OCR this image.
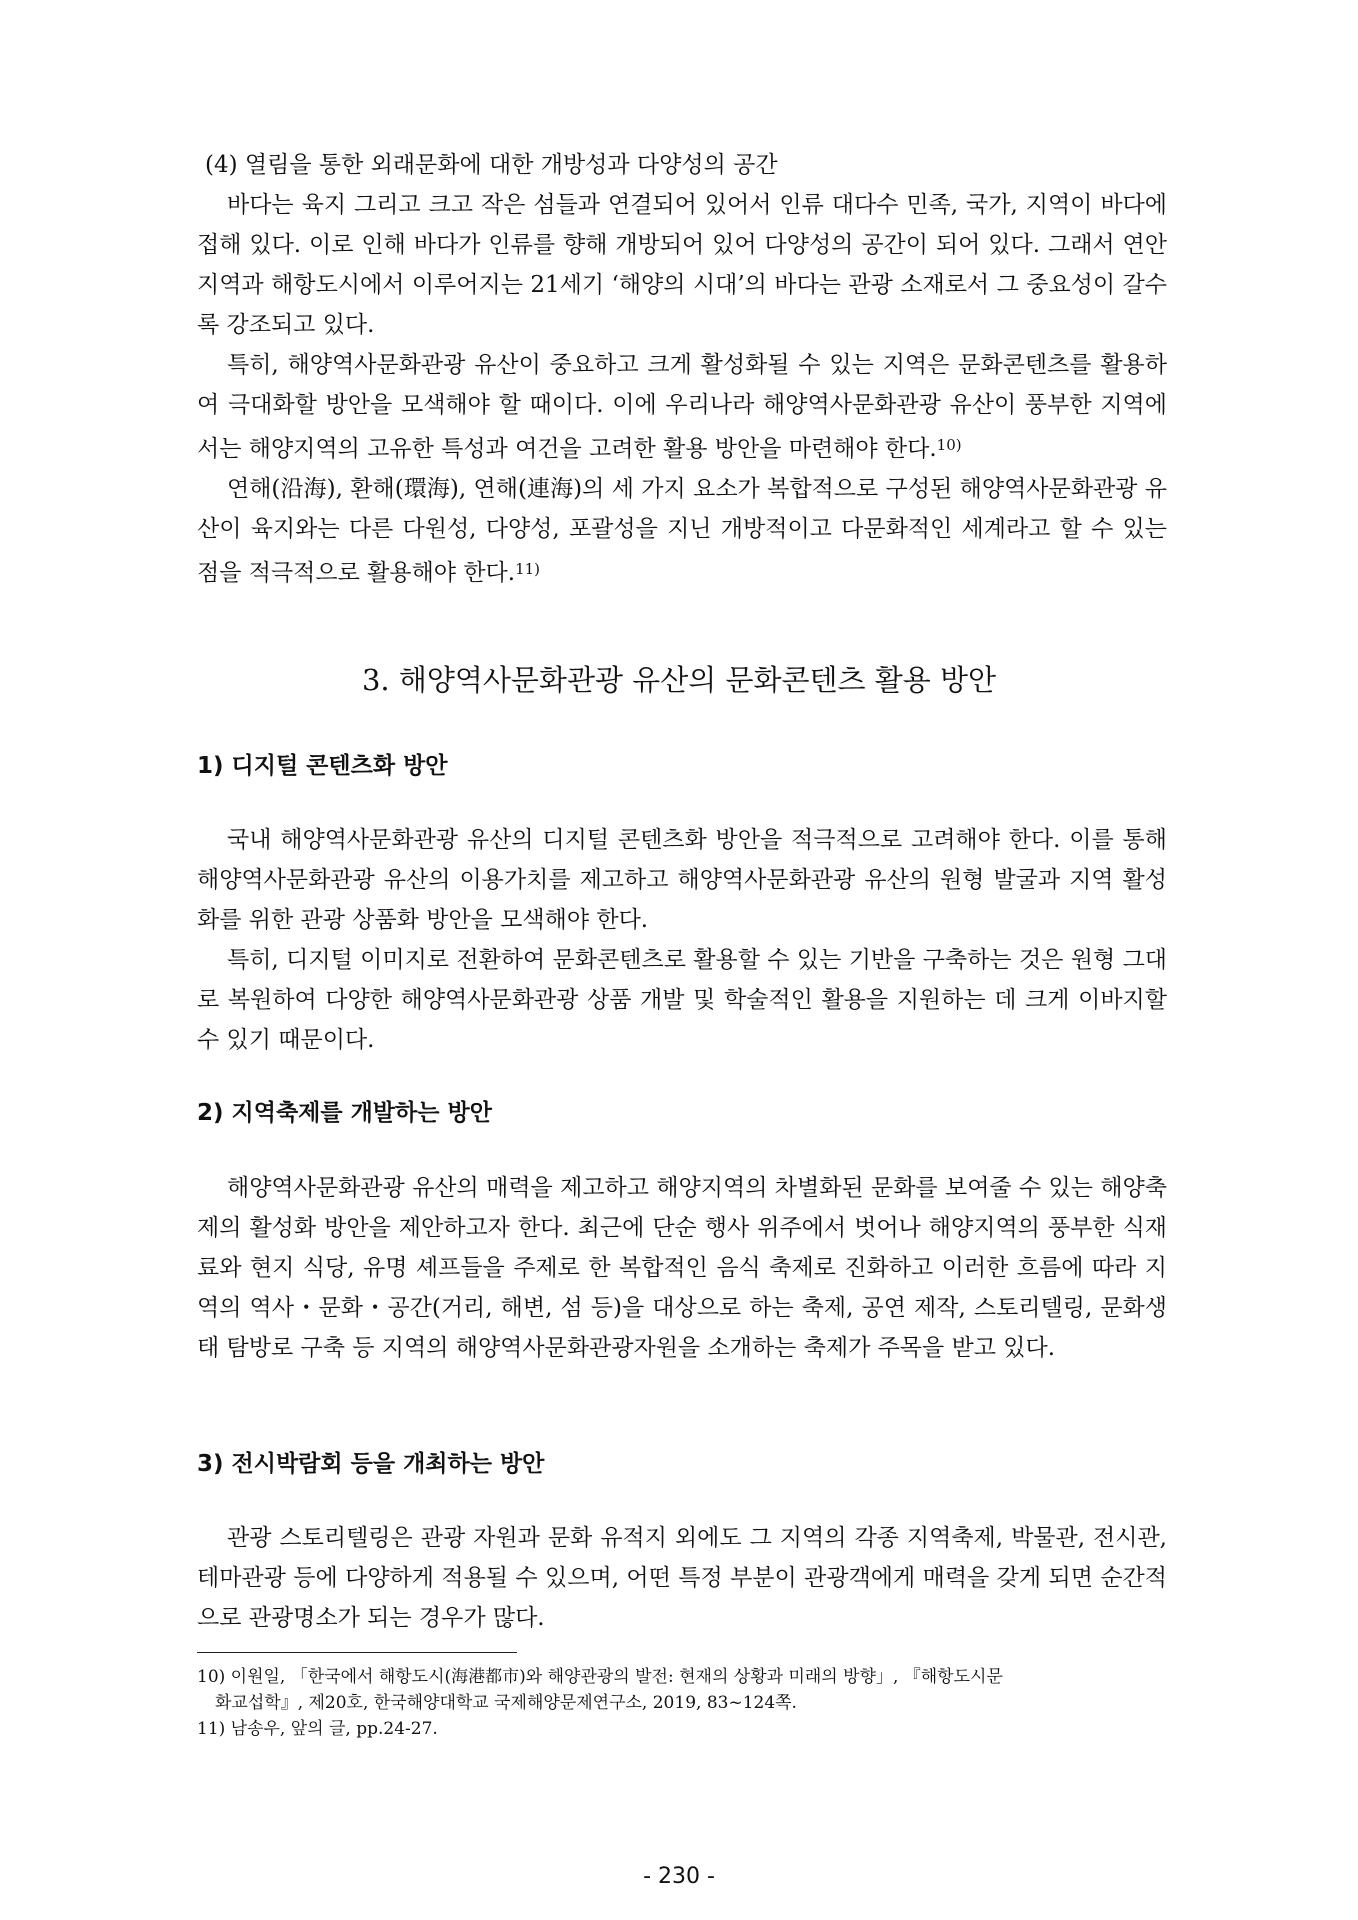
(4) 열림을 통한 외래문화에 대한 개방성과 다양성의 공간

바다는 육지 그리고 크고 작은 섬들과 연결되어 있어서 인류 대다수 민족, 국가, 지역이 바다에 접해 있다. 이로 인해 바다가 인류를 향해 개방되어 있어 다양성의 공간이 되어 있다. 그래서 연안 지역과 해항도시에서 이루어지는 21세기 ‘해양의 시대’의 바다는 관광 소재로서 그 중요성이 갈수록 강조되고 있다.

특히, 해양역사문화관광 유산이 중요하고 크게 활성화될 수 있는 지역은 문화콘텐츠를 활용하여 극대화할 방안을 모색해야 할 때이다. 이에 우리나라 해양역사문화관광 유산이 풍부한 지역에서는 해양지역의 고유한 특성과 여건을 고려한 활용 방안을 마련해야 한다.$^{10)}$

연해(沿海), 환해(環海), 연해(連海)의 세 가지 요소가 복합적으로 구성된 해양역사문화관광 유산이 육지와는 다른 다원성, 다양성, 포괄성을 지닌 개방적이고 다문화적인 세계라고 할 수 있는 점을 적극적으로 활용해야 한다.$^{11)}$

3. 해양역사문화관광 유산의 문화콘텐츠 활용 방안
1) 디지털 콘텐츠화 방안

국내 해양역사문화관광 유산의 디지털 콘텐츠화 방안을 적극적으로 고려해야 한다. 이를 통해 해양역사문화관광 유산의 이용가치를 제고하고 해양역사문화관광 유산의 원형 발굴과 지역 활성화를 위한 관광 상품화 방안을 모색해야 한다.

특히, 디지털 이미지로 전환하여 문화콘텐츠로 활용할 수 있는 기반을 구축하는 것은 원형 그대로 복원하여 다양한 해양역사문화관광 상품 개발 및 학술적인 활용을 지원하는 데 크게 이바지할 수 있기 때문이다.

2) 지역축제를 개발하는 방안

해양역사문화관광 유산의 매력을 제고하고 해양지역의 차별화된 문화를 보여줄 수 있는 해양축제의 활성화 방안을 제안하고자 한다. 최근에 단순 행사 위주에서 벗어나 해양지역의 풍부한 식재료와 현지 식당, 유명 셰프들을 주제로 한 복합적인 음식 축제로 진화하고 이러한 흐름에 따라 지역의 역사・문화・공간(거리, 해변, 섬 등)을 대상으로 하는 축제, 공연 제작, 스토리텔링, 문화생태 탐방로 구축 등 지역의 해양역사문화관광자원을 소개하는 축제가 주목을 받고 있다.

3) 전시박람회 등을 개최하는 방안

관광 스토리텔링은 관광 자원과 문화 유적지 외에도 그 지역의 각종 지역축제, 박물관, 전시관, 테마관광 등에 다양하게 적용될 수 있으며, 어떤 특정 부분이 관광객에게 매력을 갖게 되면 순간적으로 관광명소가 되는 경우가 많다.

10) 이원일, 「한국에서 해항도시(海港都市)와 해양관광의 발전: 현재의 상황과 미래의 방향」, 『해항도시문

화교섭학』, 제20호, 한국해양대학교 국제해양문제연구소, 2019, 83~124쪽.

11) 남송우, 앞의 글, pp.24-27.

- 230 -
